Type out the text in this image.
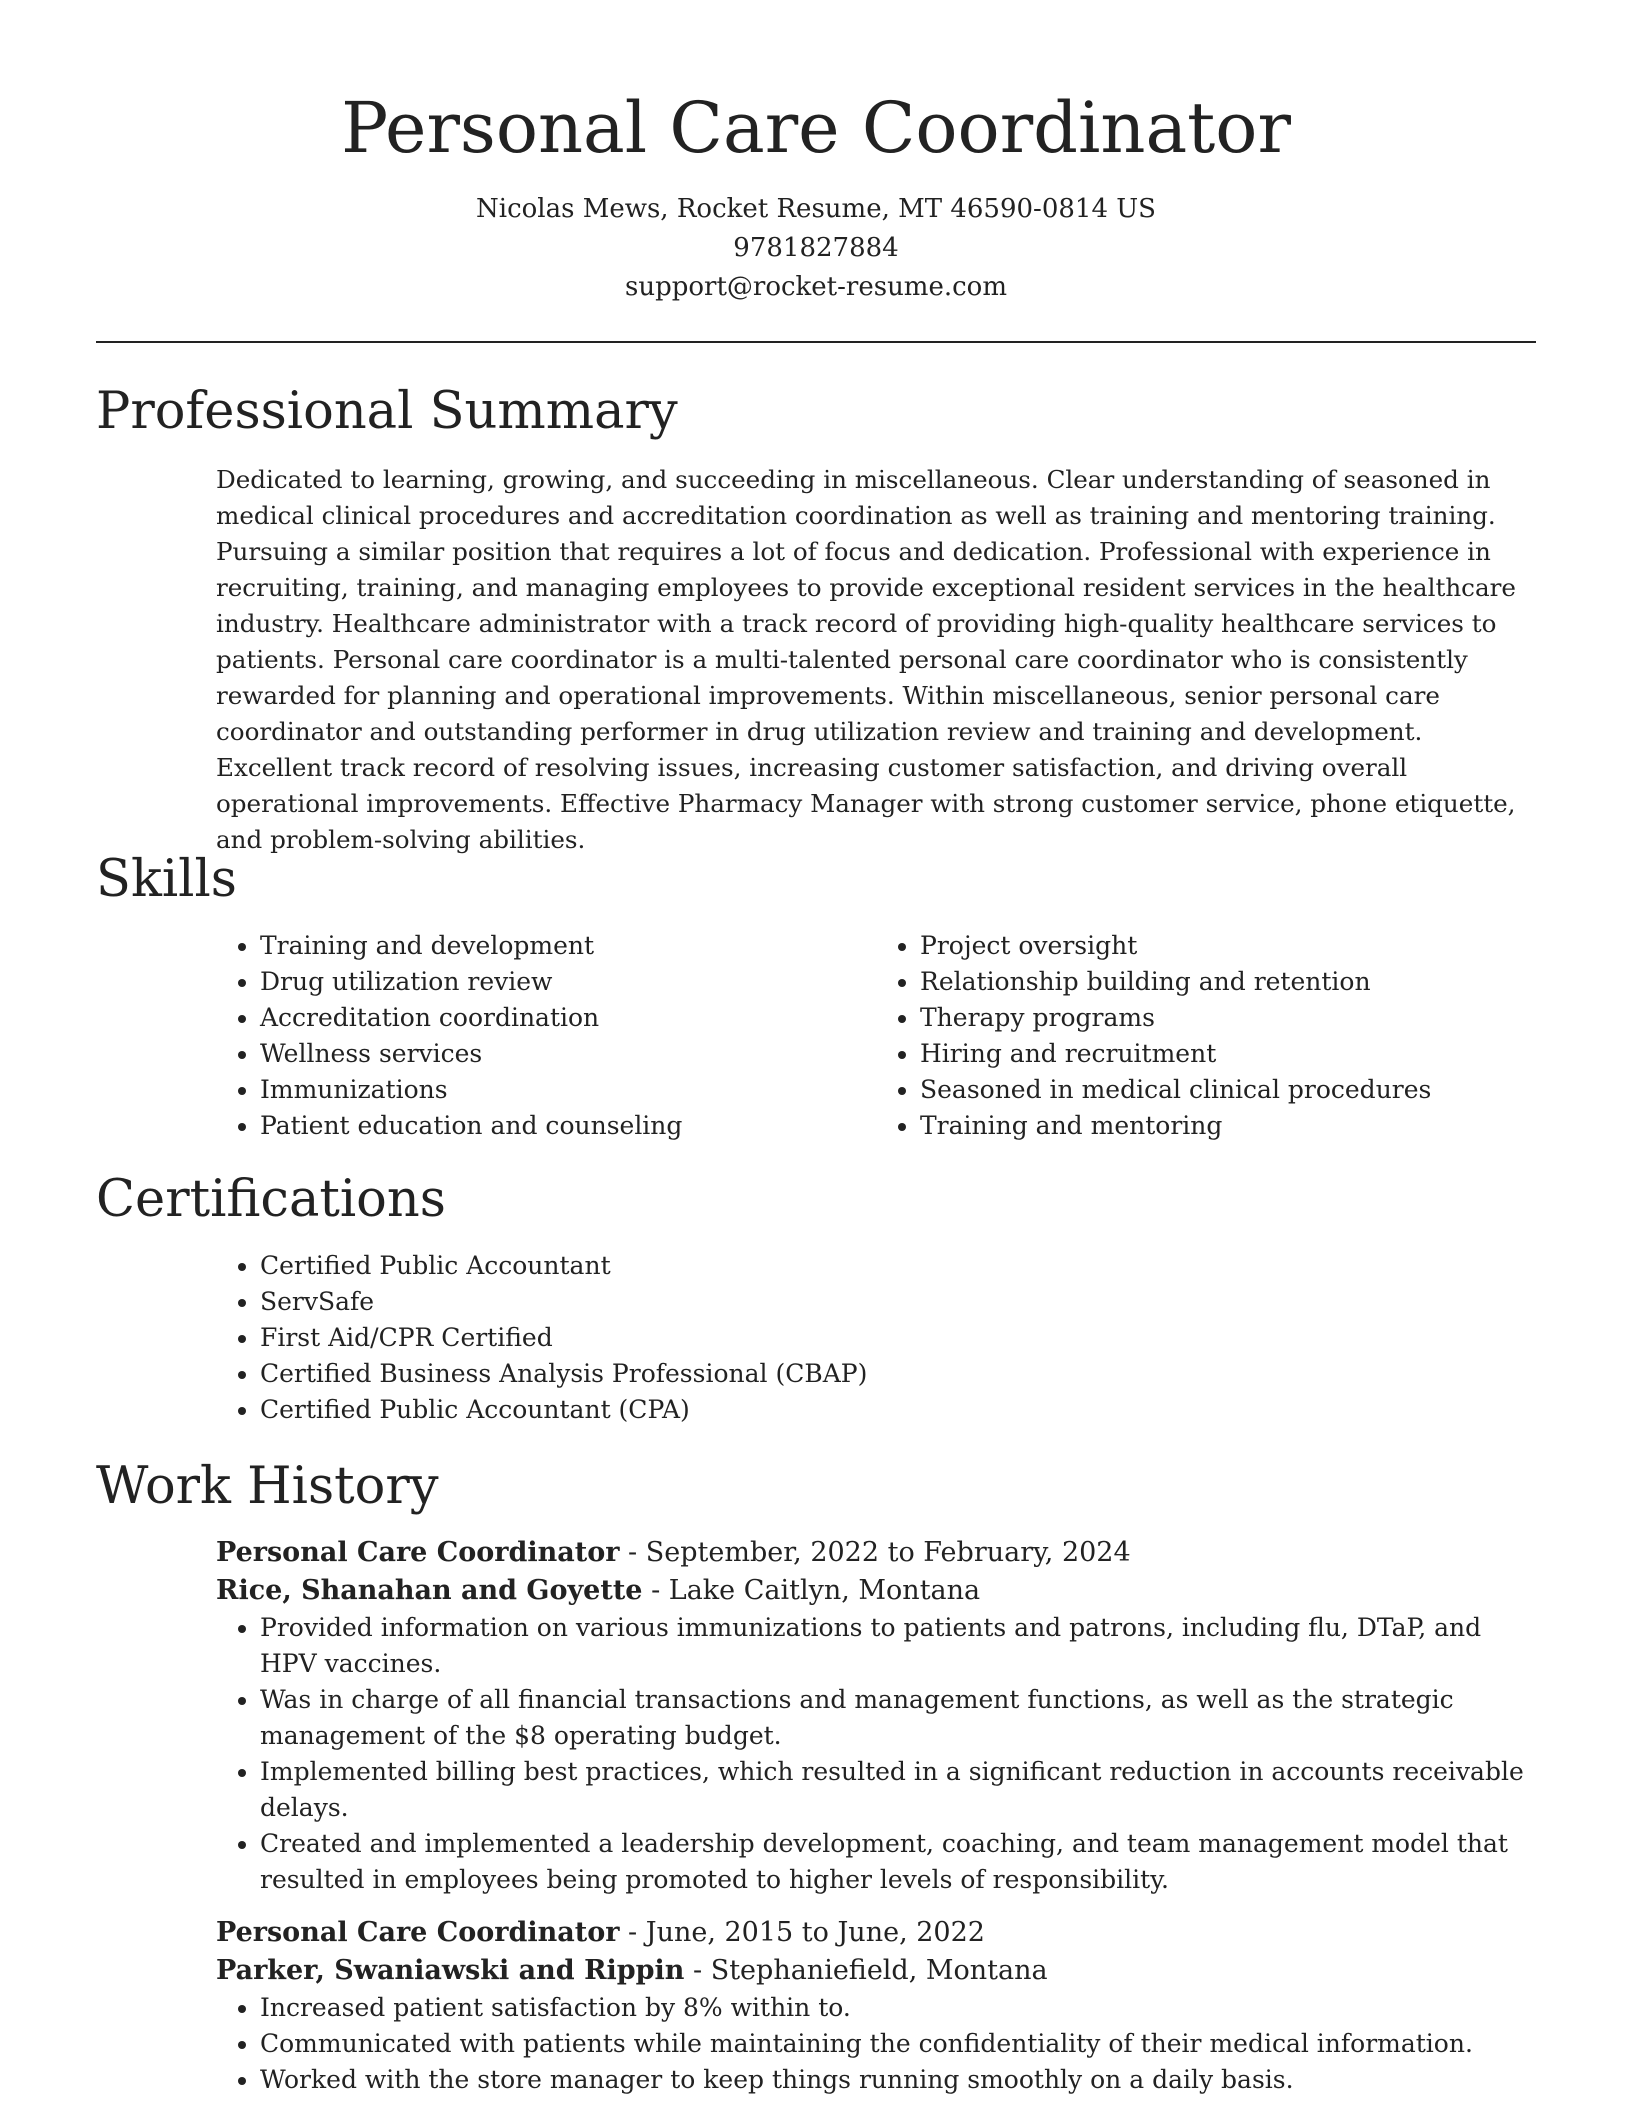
Personal Care Coordinator

Nicolas Mews, Rocket Resume, MT 46590-0814 US

9781827884

support@rocket-resume.com

Professional Summary

Dedicated to learning, growing, and succeeding in miscellaneous. Clear understanding of seasoned in medical clinical procedures and accreditation coordination as well as training and mentoring training. Pursuing a similar position that requires a lot of focus and dedication. Professional with experience in recruiting, training, and managing employees to provide exceptional resident services in the healthcare industry. Healthcare administrator with a track record of providing high-quality healthcare services to patients. Personal care coordinator is a multi-talented personal care coordinator who is consistently rewarded for planning and operational improvements. Within miscellaneous, senior personal care coordinator and outstanding performer in drug utilization review and training and development. Excellent track record of resolving issues, increasing customer satisfaction, and driving overall operational improvements. Effective Pharmacy Manager with strong customer service, phone etiquette, and problem-solving abilities.

Skills
• Training and development
• Drug utilization review
• Accreditation coordination
• Wellness services
• Immunizations
• Patient education and counseling
• Project oversight
• Relationship building and retention
• Therapy programs
• Hiring and recruitment
• Seasoned in medical clinical procedures
• Training and mentoring
Certifications
• Certified Public Accountant
• ServSafe
• First Aid/CPR Certified
• Certified Business Analysis Professional (CBAP)
• Certified Public Accountant (CPA)
Work History

Personal Care Coordinator - September, 2022 to February, 2024

Rice, Shanahan and Goyette - Lake Caitlyn, Montana

• Provided information on various immunizations to patients and patrons, including flu, DTaP, and HPV vaccines.
• Was in charge of all financial transactions and management functions, as well as the strategic management of the $8 operating budget.
• Implemented billing best practices, which resulted in a significant reduction in accounts receivable delays.
• Created and implemented a leadership development, coaching, and team management model that resulted in employees being promoted to higher levels of responsibility.

Personal Care Coordinator - June, 2015 to June, 2022

Parker, Swaniawski and Rippin - Stephaniefield, Montana

• Increased patient satisfaction by 8% within to.
• Communicated with patients while maintaining the confidentiality of their medical information.
• Worked with the store manager to keep things running smoothly on a daily basis.
